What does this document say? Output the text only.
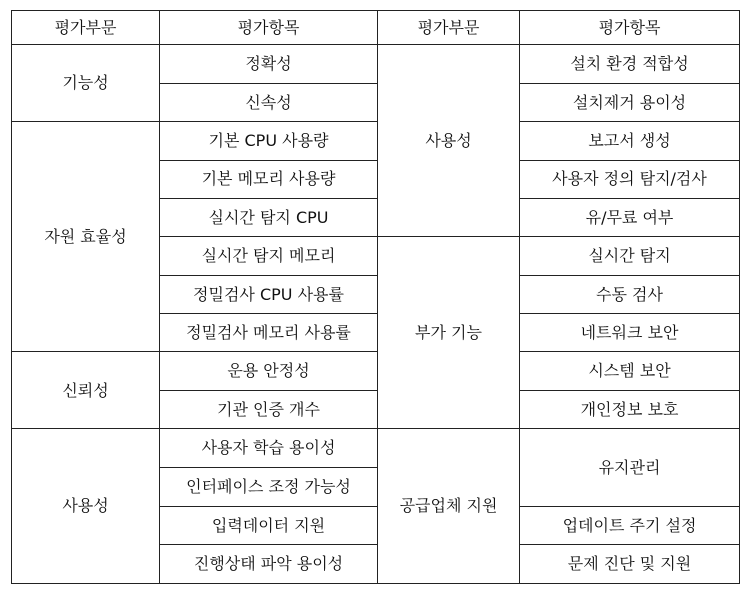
평가부문	평가항목	평가부문	평가항목
기능성	정확성	사용성	설치 환경 적합성
	신속성		설치제거 용이성
자원 효율성	기본 CPU 사용량		보고서 생성
	기본 메모리 사용량		사용자 정의 탐지/검사
	실시간 탐지 CPU		유/무료 여부
	실시간 탐지 메모리	부가 기능	실시간 탐지
	정밀검사 CPU 사용률		수동 검사
	정밀검사 메모리 사용률		네트워크 보안
신뢰성	운용 안정성		시스템 보안
	기관 인증 개수		개인정보 보호
사용성	사용자 학습 용이성	공급업체 지원	유지관리
	인터페이스 조정 가능성		
	입력데이터 지원		업데이트 주기 설정
	진행상태 파악 용이성		문제 진단 및 지원
